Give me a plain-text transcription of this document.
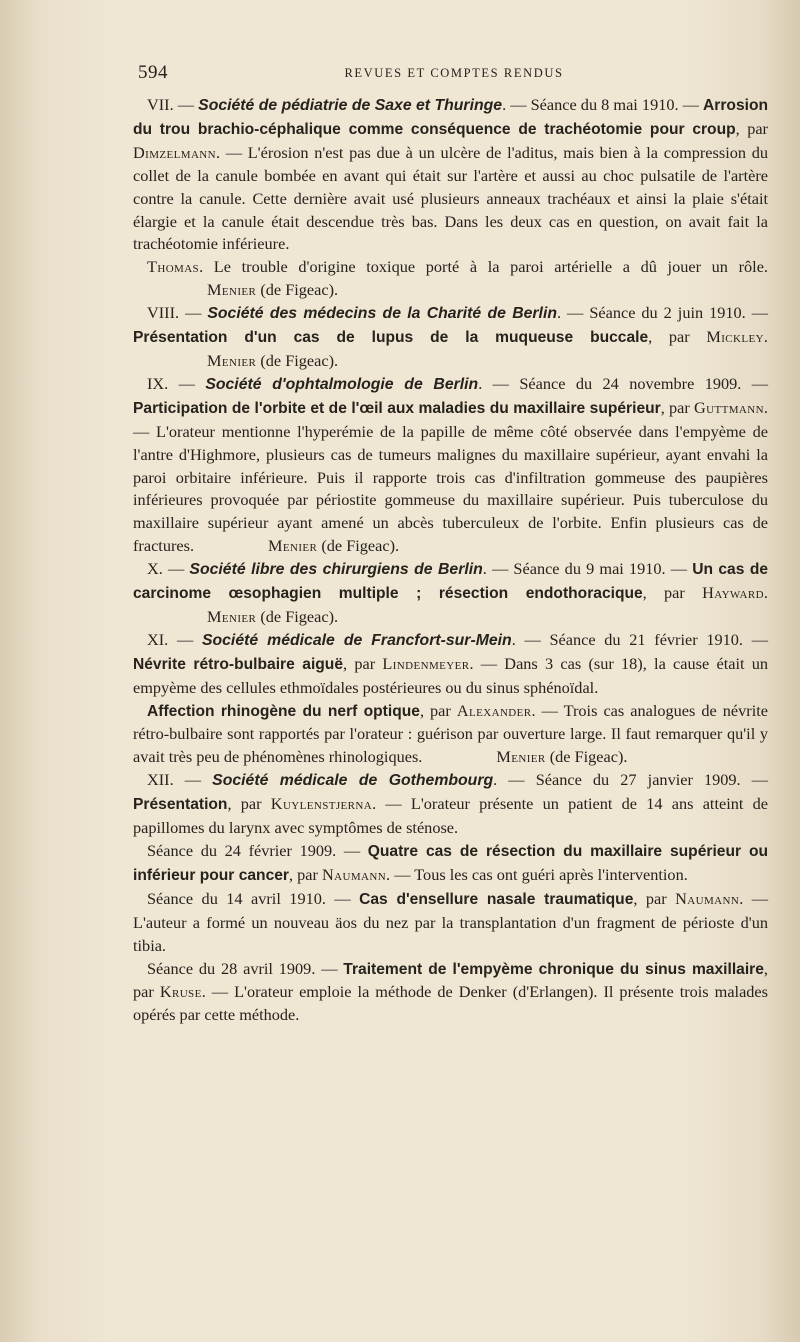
594	REVUES ET COMPTES RENDUS

VII. — Société de pédiatrie de Saxe et Thuringe. — Séance du 8 mai 1910. — Arrosion du trou brachio-céphalique comme conséquence de trachéotomie pour croup, par Dimzelmann. — L'érosion n'est pas due à un ulcère de l'aditus, mais bien à la compression du collet de la canule bombée en avant qui était sur l'artère et aussi au choc pulsatile de l'artère contre la canule. Cette dernière avait usé plusieurs anneaux trachéaux et ainsi la plaie s'était élargie et la canule était descendue très bas. Dans les deux cas en question, on avait fait la trachéotomie inférieure.

Thomas. Le trouble d'origine toxique porté à la paroi artérielle a dû jouer un rôle.Menier (de Figeac).

VIII. — Société des médecins de la Charité de Berlin. — Séance du 2 juin 1910. — Présentation d'un cas de lupus de la muqueuse buccale, par Mickley.Menier (de Figeac).

IX. — Société d'ophtalmologie de Berlin. — Séance du 24 novembre 1909. — Participation de l'orbite et de l'œil aux maladies du maxillaire supérieur, par Guttmann. — L'orateur mentionne l'hyperémie de la papille de même côté observée dans l'empyème de l'antre d'Highmore, plusieurs cas de tumeurs malignes du maxillaire supérieur, ayant envahi la paroi orbitaire inférieure. Puis il rapporte trois cas d'infiltration gommeuse des paupières inférieures provoquée par périostite gommeuse du maxillaire supérieur. Puis tuberculose du maxillaire supérieur ayant amené un abcès tuberculeux de l'orbite. Enfin plusieurs cas de fractures.	Menier (de Figeac).

X. — Société libre des chirurgiens de Berlin. — Séance du 9 mai 1910. — Un cas de carcinome œsophagien multiple ; résection endothoracique, par Hayward.Menier (de Figeac).

XI. — Société médicale de Francfort-sur-Mein. — Séance du 21 février 1910. — Névrite rétro-bulbaire aiguë, par Lindenmeyer. — Dans 3 cas (sur 18), la cause était un empyème des cellules ethmoïdales postérieures ou du sinus sphénoïdal.

Affection rhinogène du nerf optique, par Alexander. — Trois cas analogues de névrite rétro-bulbaire sont rapportés par l'orateur : guérison par ouverture large. Il faut remarquer qu'il y avait très peu de phénomènes rhinologiques.	Menier (de Figeac).

XII. — Société médicale de Gothembourg. — Séance du 27 janvier 1909. — Présentation, par Kuylenstjerna. — L'orateur présente un patient de 14 ans atteint de papillomes du larynx avec symptômes de sténose.

Séance du 24 février 1909. — Quatre cas de résection du maxillaire supérieur ou inférieur pour cancer, par Naumann. — Tous les cas ont guéri après l'intervention.

Séance du 14 avril 1910. — Cas d'ensellure nasale traumatique, par Naumann. — L'auteur a formé un nouveau äos du nez par la transplantation d'un fragment de périoste d'un tibia.

Séance du 28 avril 1909. — Traitement de l'empyème chronique du sinus maxillaire, par Kruse. — L'orateur emploie la méthode de Denker (d'Erlangen). Il présente trois malades opérés par cette méthode.
